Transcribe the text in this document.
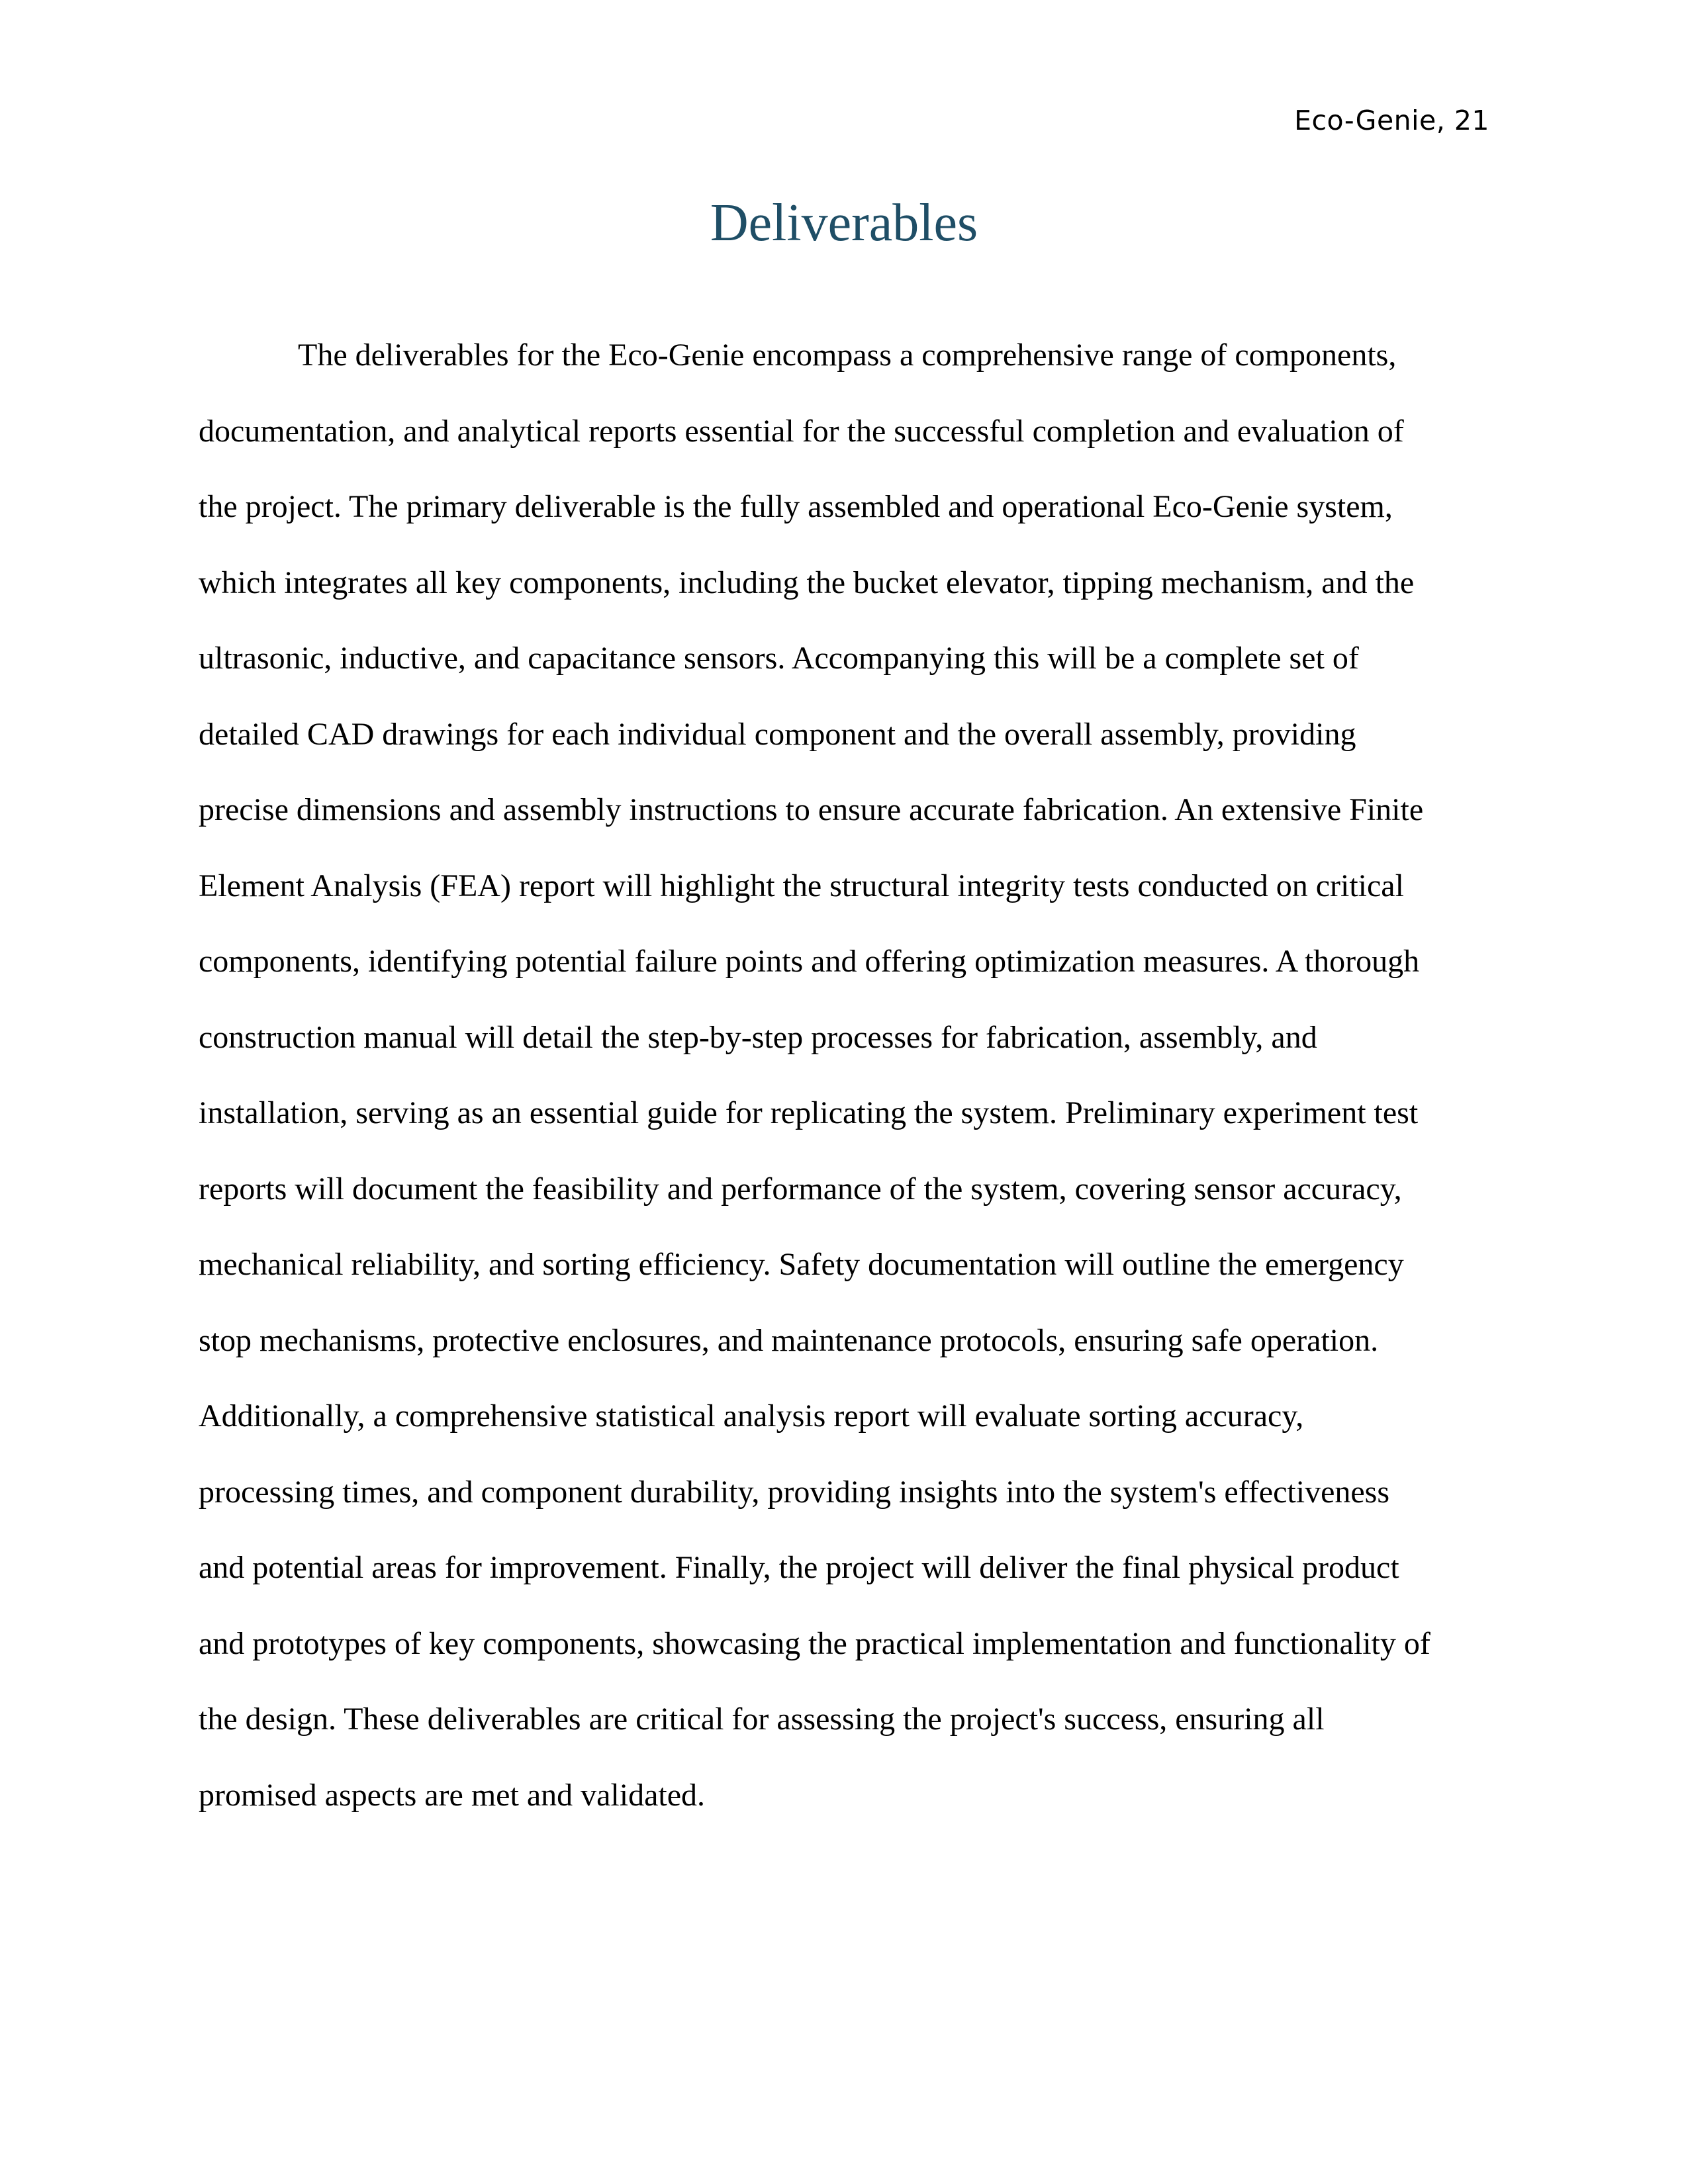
Eco-Genie, 21
Deliverables
The deliverables for the Eco-Genie encompass a comprehensive range of components,
documentation, and analytical reports essential for the successful completion and evaluation of
the project. The primary deliverable is the fully assembled and operational Eco-Genie system,
which integrates all key components, including the bucket elevator, tipping mechanism, and the
ultrasonic, inductive, and capacitance sensors. Accompanying this will be a complete set of
detailed CAD drawings for each individual component and the overall assembly, providing
precise dimensions and assembly instructions to ensure accurate fabrication. An extensive Finite
Element Analysis (FEA) report will highlight the structural integrity tests conducted on critical
components, identifying potential failure points and offering optimization measures. A thorough
construction manual will detail the step-by-step processes for fabrication, assembly, and
installation, serving as an essential guide for replicating the system. Preliminary experiment test
reports will document the feasibility and performance of the system, covering sensor accuracy,
mechanical reliability, and sorting efficiency. Safety documentation will outline the emergency
stop mechanisms, protective enclosures, and maintenance protocols, ensuring safe operation.
Additionally, a comprehensive statistical analysis report will evaluate sorting accuracy,
processing times, and component durability, providing insights into the system's effectiveness
and potential areas for improvement. Finally, the project will deliver the final physical product
and prototypes of key components, showcasing the practical implementation and functionality of
the design. These deliverables are critical for assessing the project's success, ensuring all
promised aspects are met and validated.
